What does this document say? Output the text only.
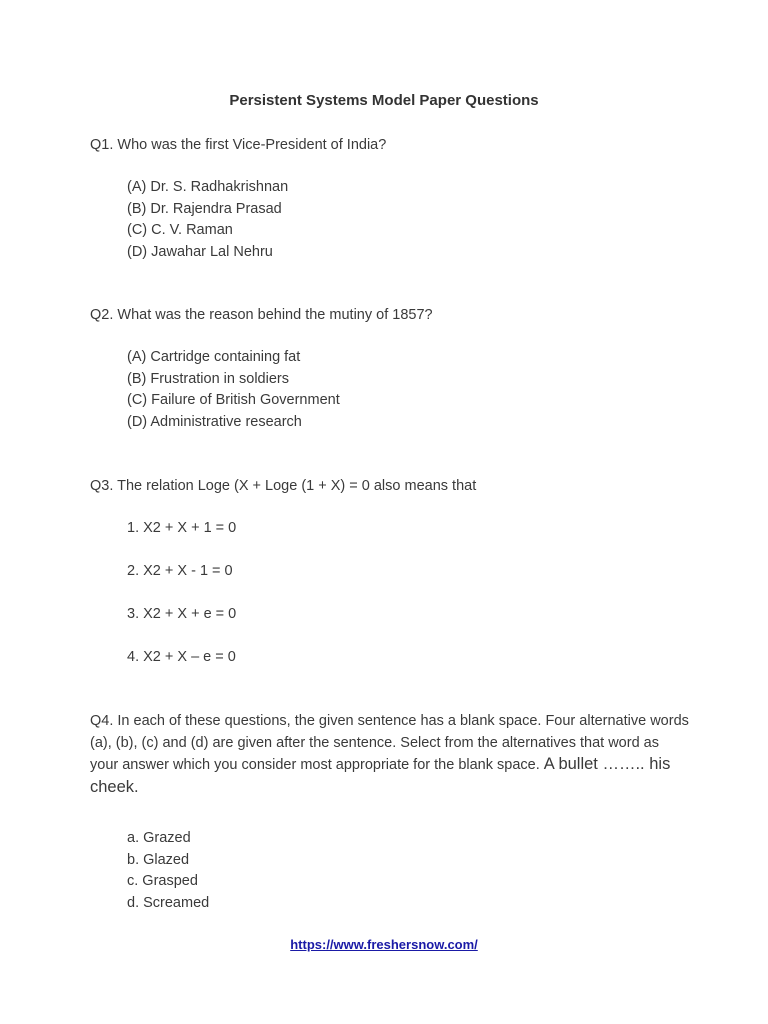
Persistent Systems Model Paper Questions
Q1. Who was the first Vice-President of India?
(A) Dr. S. Radhakrishnan
(B) Dr. Rajendra Prasad
(C) C. V. Raman
(D) Jawahar Lal Nehru
Q2. What was the reason behind the mutiny of 1857?
(A) Cartridge containing fat
(B) Frustration in soldiers
(C) Failure of British Government
(D) Administrative research
Q3. The relation Loge (X + Loge (1 + X) = 0 also means that
1. X2 + X + 1 = 0
2. X2 + X - 1 = 0
3. X2 + X + e = 0
4. X2 + X – e = 0
Q4. In each of these questions, the given sentence has a blank space. Four alternative words (a), (b), (c) and (d) are given after the sentence. Select from the alternatives that word as your answer which you consider most appropriate for the blank space. A bullet …….. his cheek.
a. Grazed
b. Glazed
c. Grasped
d. Screamed
https://www.freshersnow.com/
